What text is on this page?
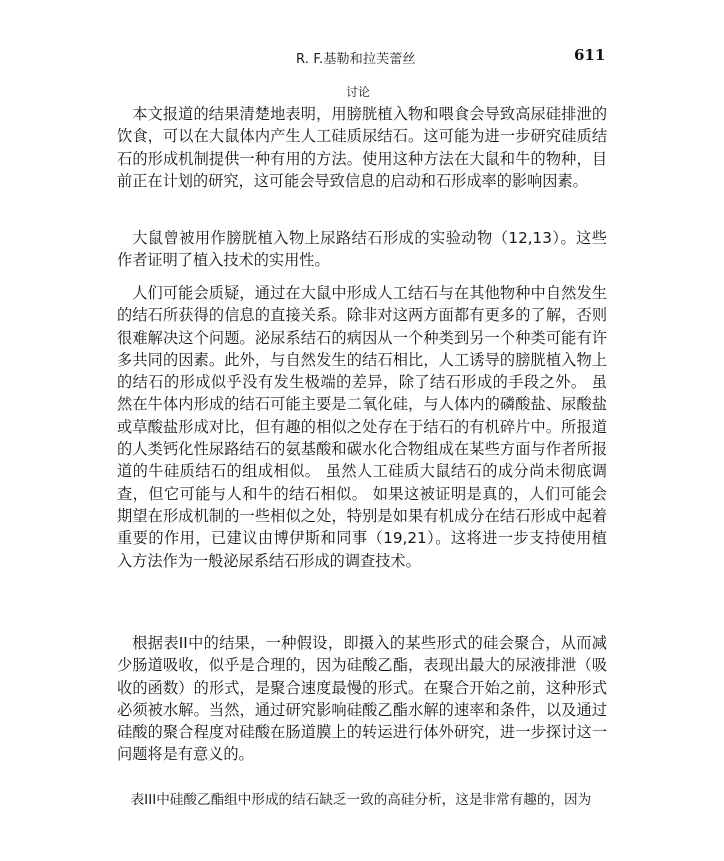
R. F.基勒和拉芙蕾丝	611
讨论

本文报道的结果清楚地表明，用膀胱植入物和喂食会导致高尿硅排泄的饮食，可以在大鼠体内产生人工硅质尿结石。这可能为进一步研究硅质结石的形成机制提供一种有用的方法。使用这种方法在大鼠和牛的物种，目前正在计划的研究，这可能会导致信息的启动和石形成率的影响因素。

大鼠曾被用作膀胱植入物上尿路结石形成的实验动物（12,13）。这些作者证明了植入技术的实用性。

人们可能会质疑，通过在大鼠中形成人工结石与在其他物种中自然发生的结石所获得的信息的直接关系。除非对这两方面都有更多的了解，否则很难解决这个问题。泌尿系结石的病因从一个种类到另一个种类可能有许多共同的因素。此外，与自然发生的结石相比，人工诱导的膀胱植入物上的结石的形成似乎没有发生极端的差异，除了结石形成的手段之外。 虽然在牛体内形成的结石可能主要是二氧化硅，与人体内的磷酸盐、尿酸盐或草酸盐形成对比，但有趣的相似之处存在于结石的有机碎片中。所报道的人类钙化性尿路结石的氨基酸和碳水化合物组成在某些方面与作者所报道的牛硅质结石的组成相似。 虽然人工硅质大鼠结石的成分尚未彻底调查，但它可能与人和牛的结石相似。 如果这被证明是真的，人们可能会期望在形成机制的一些相似之处，特别是如果有机成分在结石形成中起着重要的作用，已建议由博伊斯和同事（19,21）。这将进一步支持使用植入方法作为一般泌尿系结石形成的调查技术。

根据表II中的结果，一种假设，即摄入的某些形式的硅会聚合，从而减少肠道吸收，似乎是合理的，因为硅酸乙酯，表现出最大的尿液排泄（吸收的函数）的形式，是聚合速度最慢的形式。在聚合开始之前，这种形式必须被水解。当然，通过研究影响硅酸乙酯水解的速率和条件，以及通过硅酸的聚合程度对硅酸在肠道膜上的转运进行体外研究，进一步探讨这一问题将是有意义的。

表III中硅酸乙酯组中形成的结石缺乏一致的高硅分析，这是非常有趣的，因为
